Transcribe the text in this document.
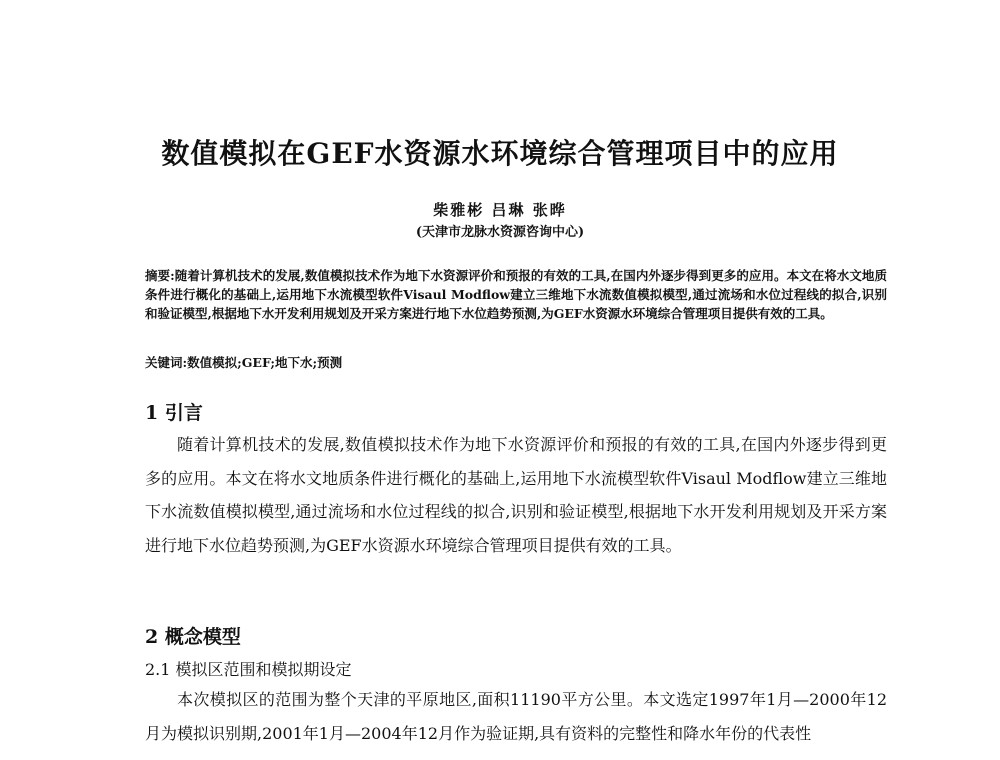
数值模拟在GEF水资源水环境综合管理项目中的应用
柴雅彬 吕琳 张晔
(天津市龙脉水资源咨询中心)
摘要:随着计算机技术的发展,数值模拟技术作为地下水资源评价和预报的有效的工具,在国内外逐步得到更多的应用。本文在将水文地质条件进行概化的基础上,运用地下水流模型软件Visaul Modflow建立三维地下水流数值模拟模型,通过流场和水位过程线的拟合,识别和验证模型,根据地下水开发利用规划及开采方案进行地下水位趋势预测,为GEF水资源水环境综合管理项目提供有效的工具。
关键词:数值模拟;GEF;地下水;预测
1 引言

随着计算机技术的发展,数值模拟技术作为地下水资源评价和预报的有效的工具,在国内外逐步得到更多的应用。本文在将水文地质条件进行概化的基础上,运用地下水流模型软件Visaul Modflow建立三维地下水流数值模拟模型,通过流场和水位过程线的拟合,识别和验证模型,根据地下水开发利用规划及开采方案进行地下水位趋势预测,为GEF水资源水环境综合管理项目提供有效的工具。

2 概念模型
2.1 模拟区范围和模拟期设定

本次模拟区的范围为整个天津的平原地区,面积11190平方公里。本文选定1997年1月—2000年12月为模拟识别期,2001年1月—2004年12月作为验证期,具有资料的完整性和降水年份的代表性
